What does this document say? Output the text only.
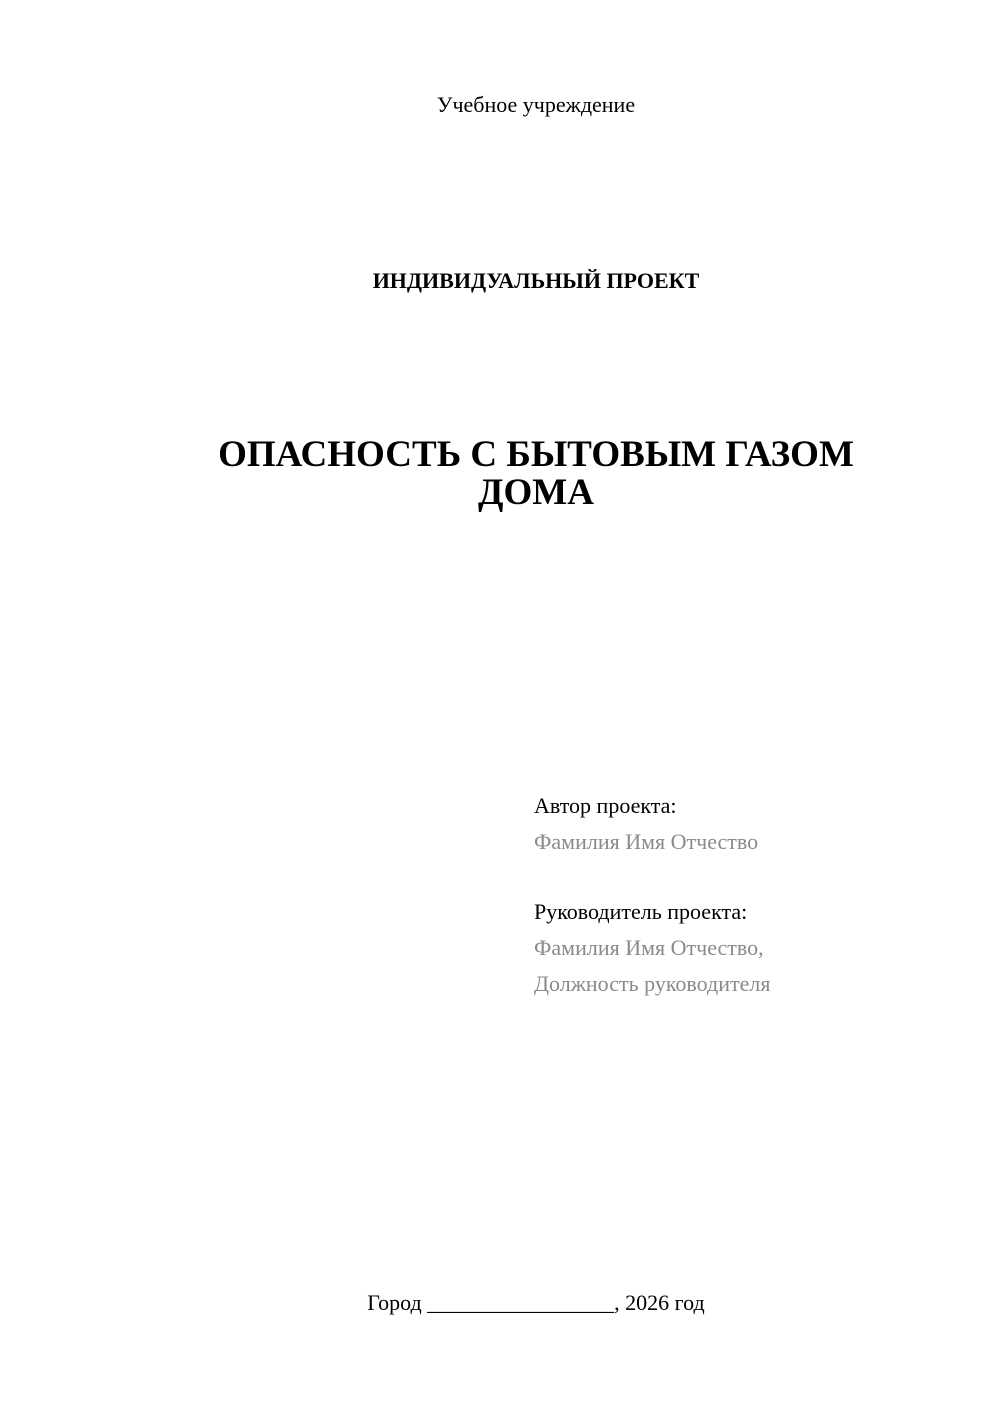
Учебное учреждение
ИНДИВИДУАЛЬНЫЙ ПРОЕКТ
ОПАСНОСТЬ С БЫТОВЫМ ГАЗОМ
ДОМА
Автор проекта:
Фамилия Имя Отчество
Руководитель проекта:
Фамилия Имя Отчество,
Должность руководителя
Город _________________, 2026 год
